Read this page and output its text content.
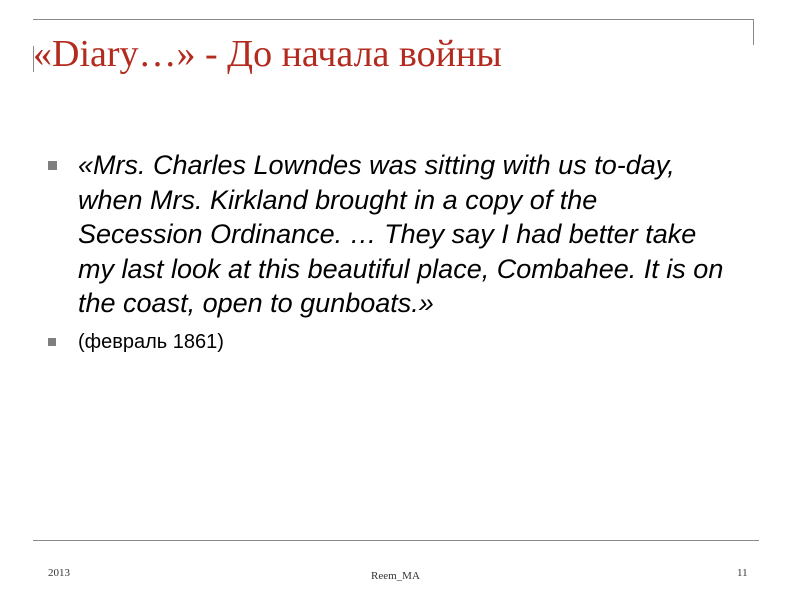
«Diary…» - До начала войны
«Mrs. Charles Lowndes was sitting with us to-day, when Mrs. Kirkland brought in a copy of the Secession Ordinance. … They say I had better take my last look at this beautiful place, Combahee. It is on the coast, open to gunboats.»
(февраль 1861)
2013	Reem_MA	11
